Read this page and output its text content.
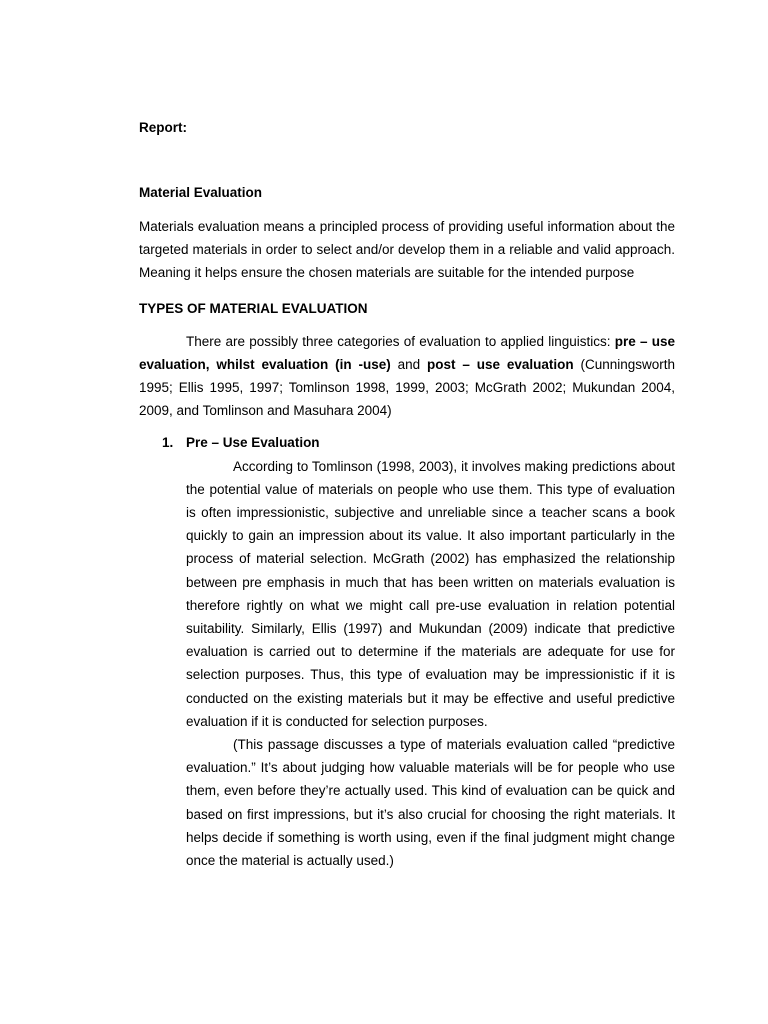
Report:

Material Evaluation

Materials evaluation means a principled process of providing useful information about the targeted materials in order to select and/or develop them in a reliable and valid approach. Meaning it helps ensure the chosen materials are suitable for the intended purpose

TYPES OF MATERIAL EVALUATION

There are possibly three categories of evaluation to applied linguistics: pre – use evaluation, whilst evaluation (in -use) and post – use evaluation (Cunningsworth 1995; Ellis 1995, 1997; Tomlinson 1998, 1999, 2003; McGrath 2002; Mukundan 2004, 2009, and Tomlinson and Masuhara 2004)

1. Pre – Use Evaluation

According to Tomlinson (1998, 2003), it involves making predictions about the potential value of materials on people who use them. This type of evaluation is often impressionistic, subjective and unreliable since a teacher scans a book quickly to gain an impression about its value. It also important particularly in the process of material selection. McGrath (2002) has emphasized the relationship between pre emphasis in much that has been written on materials evaluation is therefore rightly on what we might call pre-use evaluation in relation potential suitability. Similarly, Ellis (1997) and Mukundan (2009) indicate that predictive evaluation is carried out to determine if the materials are adequate for use for selection purposes. Thus, this type of evaluation may be impressionistic if it is conducted on the existing materials but it may be effective and useful predictive evaluation if it is conducted for selection purposes.

(This passage discusses a type of materials evaluation called “predictive evaluation.” It’s about judging how valuable materials will be for people who use them, even before they’re actually used. This kind of evaluation can be quick and based on first impressions, but it’s also crucial for choosing the right materials. It helps decide if something is worth using, even if the final judgment might change once the material is actually used.)
